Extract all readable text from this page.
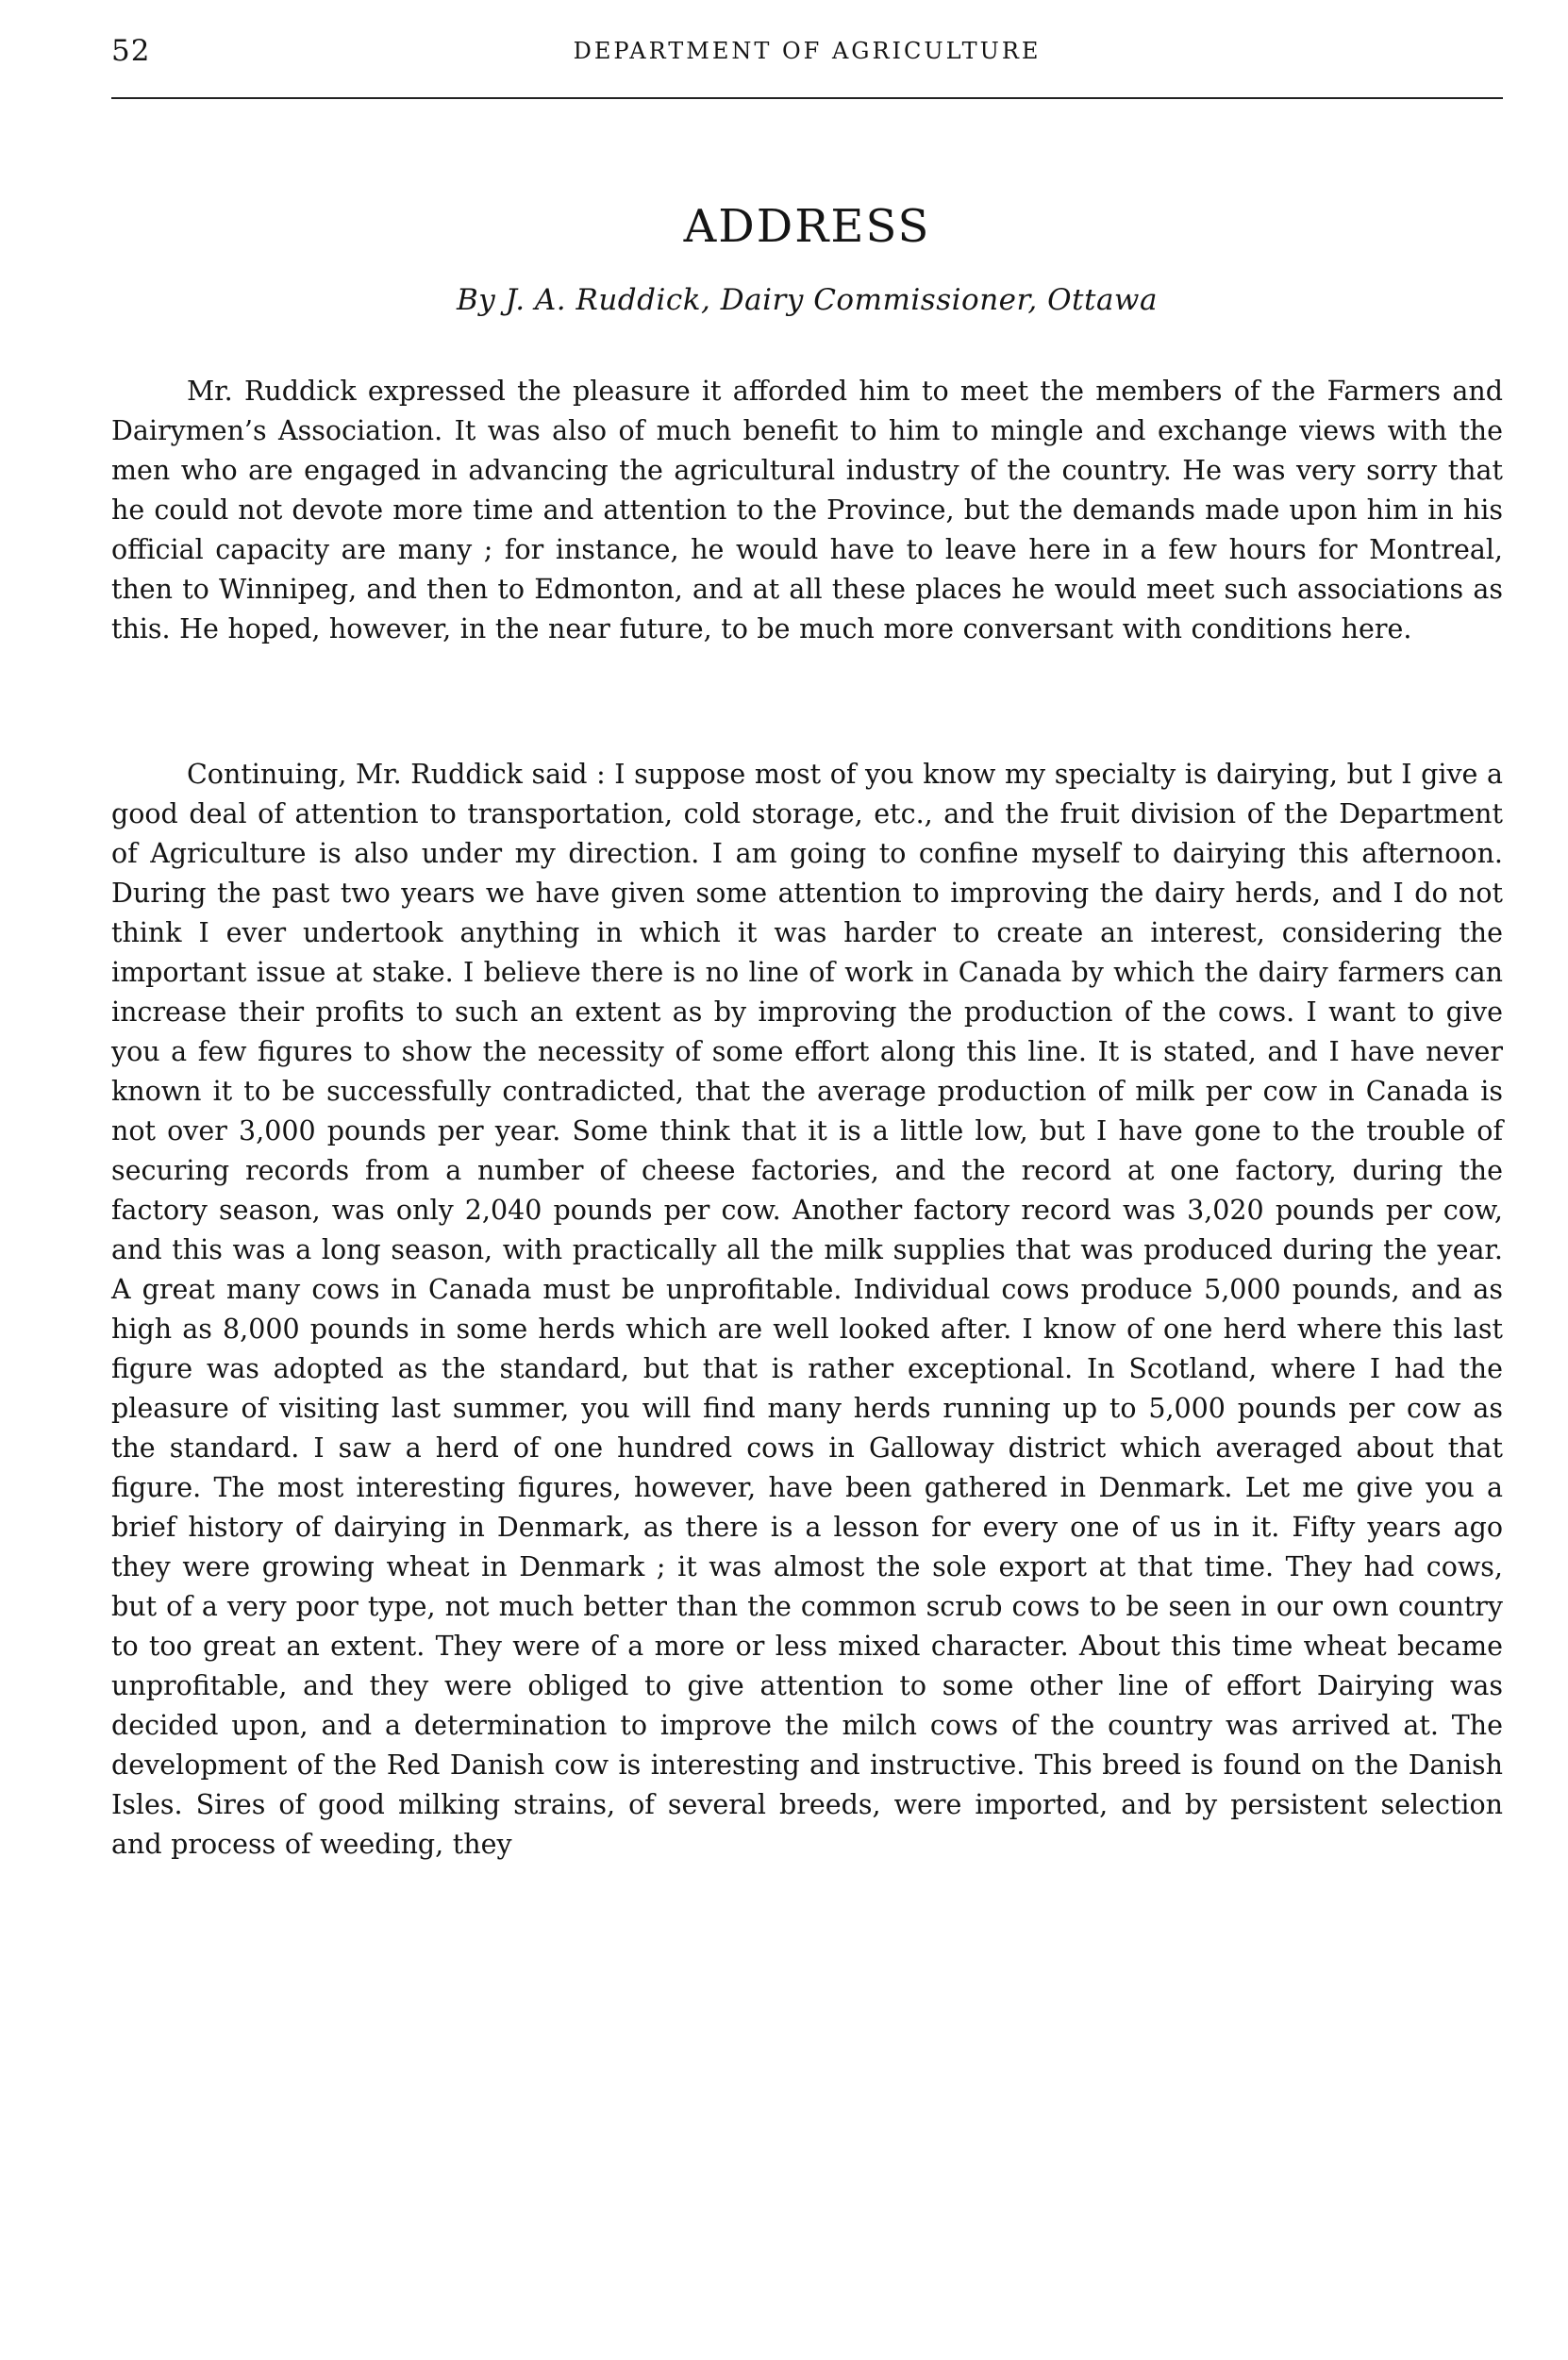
52	DEPARTMENT OF AGRICULTURE
ADDRESS

By J. A. Ruddick, Dairy Commissioner, Ottawa

Mr. Ruddick expressed the pleasure it afforded him to meet the members of the Farmers and Dairymen’s Association. It was also of much benefit to him to mingle and exchange views with the men who are engaged in advancing the agricultural industry of the country. He was very sorry that he could not devote more time and attention to the Province, but the demands made upon him in his official capacity are many ; for instance, he would have to leave here in a few hours for Montreal, then to Winnipeg, and then to Edmonton, and at all these places he would meet such associations as this. He hoped, however, in the near future, to be much more conversant with conditions here.

Continuing, Mr. Ruddick said : I suppose most of you know my specialty is dairying, but I give a good deal of attention to transportation, cold storage, etc., and the fruit division of the Department of Agriculture is also under my direction. I am going to confine myself to dairying this afternoon. During the past two years we have given some attention to improving the dairy herds, and I do not think I ever undertook anything in which it was harder to create an interest, considering the important issue at stake. I believe there is no line of work in Canada by which the dairy farmers can increase their profits to such an extent as by improving the production of the cows. I want to give you a few figures to show the necessity of some effort along this line. It is stated, and I have never known it to be successfully contradicted, that the average production of milk per cow in Canada is not over 3,000 pounds per year. Some think that it is a little low, but I have gone to the trouble of securing records from a number of cheese factories, and the record at one factory, during the factory season, was only 2,040 pounds per cow. Another factory record was 3,020 pounds per cow, and this was a long season, with practically all the milk supplies that was produced during the year. A great many cows in Canada must be unprofitable. Individual cows produce 5,000 pounds, and as high as 8,000 pounds in some herds which are well looked after. I know of one herd where this last figure was adopted as the standard, but that is rather exceptional. In Scotland, where I had the pleasure of visiting last summer, you will find many herds running up to 5,000 pounds per cow as the standard. I saw a herd of one hundred cows in Galloway district which averaged about that figure. The most interesting figures, however, have been gathered in Denmark. Let me give you a brief history of dairying in Denmark, as there is a lesson for every one of us in it. Fifty years ago they were growing wheat in Denmark ; it was almost the sole export at that time. They had cows, but of a very poor type, not much better than the common scrub cows to be seen in our own country to too great an extent. They were of a more or less mixed character. About this time wheat became unprofitable, and they were obliged to give attention to some other line of effort Dairying was decided upon, and a determination to improve the milch cows of the country was arrived at. The development of the Red Danish cow is interesting and instructive. This breed is found on the Danish Isles. Sires of good milking strains, of several breeds, were imported, and by persistent selection and process of weeding, they
